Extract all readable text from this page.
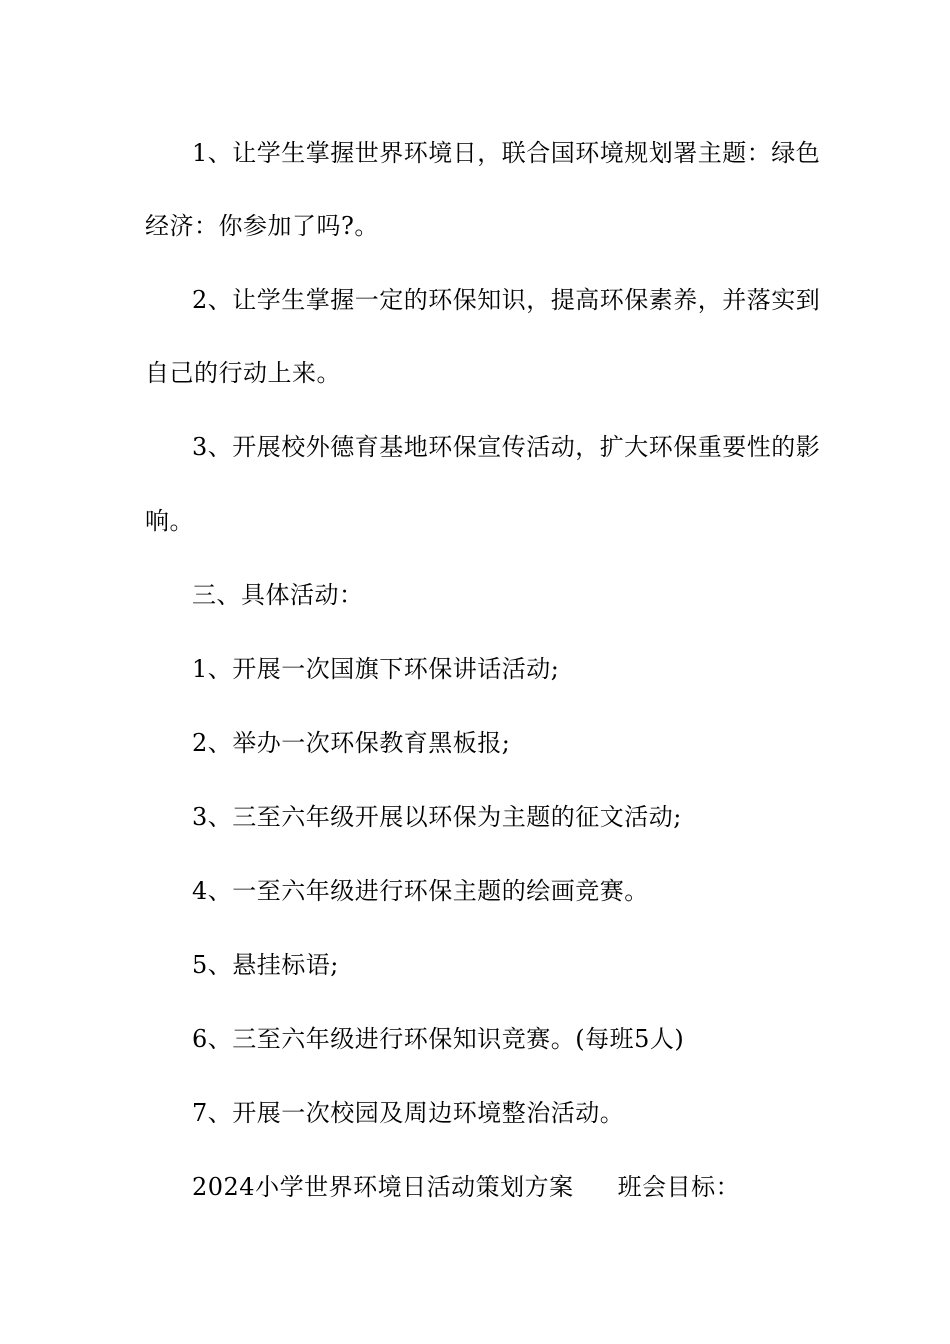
1、让学生掌握世界环境日，联合国环境规划署主题：绿色
经济：你参加了吗?。
2、让学生掌握一定的环保知识，提高环保素养，并落实到
自己的行动上来。
3、开展校外德育基地环保宣传活动，扩大环保重要性的影
响。
三、具体活动：
1、开展一次国旗下环保讲话活动;
2、举办一次环保教育黑板报;
3、三至六年级开展以环保为主题的征文活动;
4、一至六年级进行环保主题的绘画竞赛。
5、悬挂标语;
6、三至六年级进行环保知识竞赛。(每班5人)
7、开展一次校园及周边环境整治活动。
2024小学世界环境日活动策划方案 班会目标：
